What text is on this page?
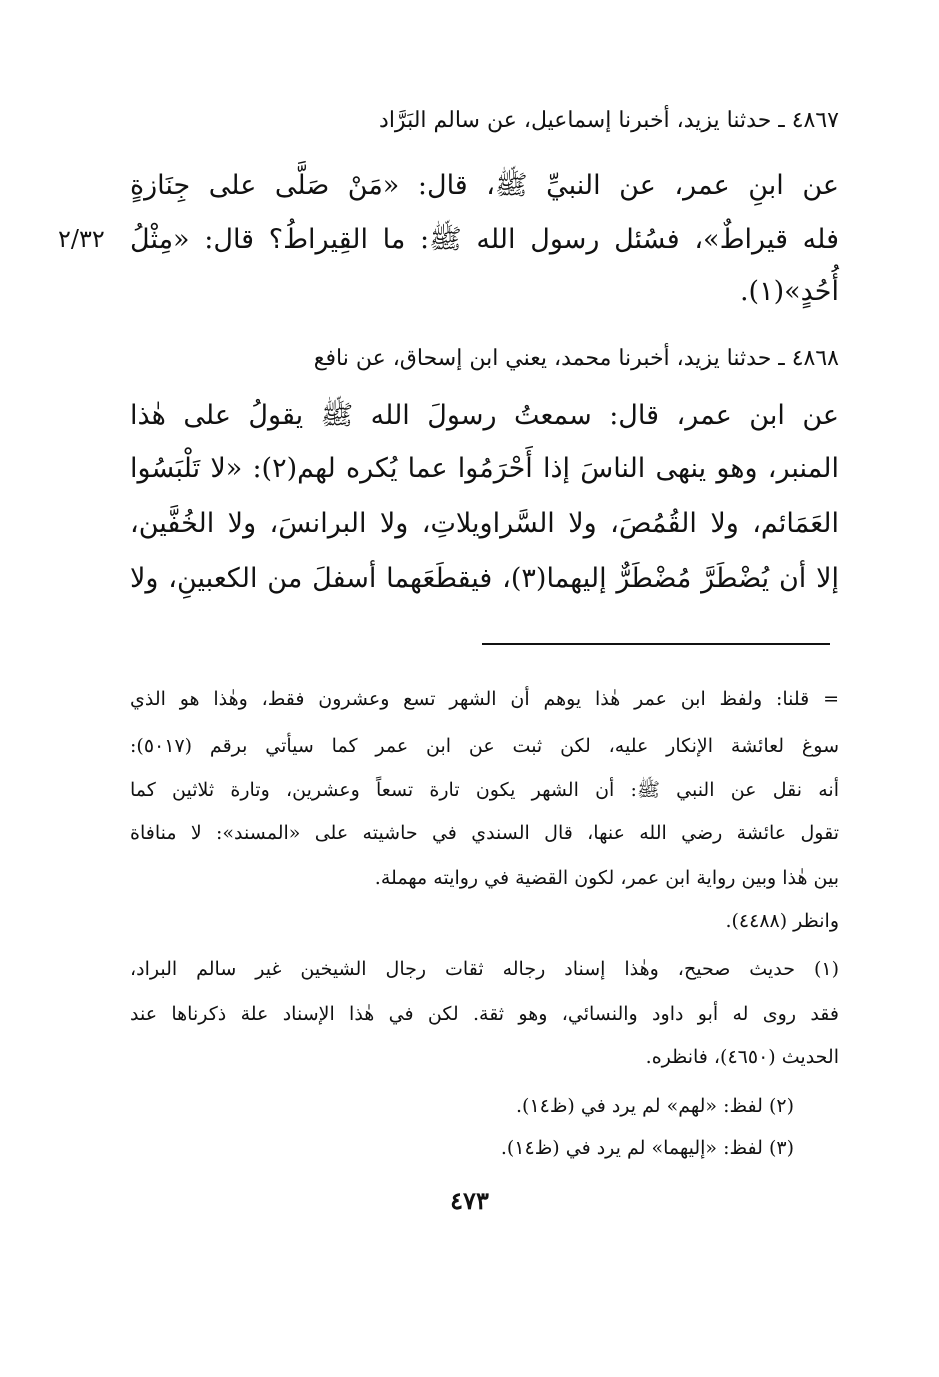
٤٨٦٧ ـ حدثنا يزيد، أخبرنا إسماعيل، عن سالم البَرَّاد
عن ابنِ عمر، عن النبيِّ ﷺ، قال: «مَنْ صَلَّى على جِنَازةٍ
فله قيراطٌ»، فسُئل رسول الله ﷺ: ما القِيراطُ؟ قال: «مِثْلُ
أُحُدٍ»(١).
٢/٣٢
٤٨٦٨ ـ حدثنا يزيد، أخبرنا محمد، يعني ابن إسحاق، عن نافع
عن ابن عمر، قال: سمعتُ رسولَ الله ﷺ يقولُ على هٰذا
المنبر، وهو ينهى الناسَ إذا أَحْرَمُوا عما يُكره لهم(٢): «لا تَلْبَسُوا
العَمَائم، ولا القُمُصَ، ولا السَّراويلاتِ، ولا البرانسَ، ولا الخُفَّين،
إلا أن يُضْطَرَّ مُضْطَرٌّ إليهما(٣)، فيقطَعَهما أسفلَ من الكعبينِ، ولا
= قلنا: ولفظ ابن عمر هٰذا يوهم أن الشهر تسع وعشرون فقط، وهٰذا هو الذي
سوغ لعائشة الإنكار عليه، لكن ثبت عن ابن عمر كما سيأتي برقم (٥٠١٧):
أنه نقل عن النبي ﷺ: أن الشهر يكون تارة تسعاً وعشرين، وتارة ثلاثين كما
تقول عائشة رضي الله عنها، قال السندي في حاشيته على «المسند»: لا منافاة
بين هٰذا وبين رواية ابن عمر، لكون القضية في روايته مهملة.
وانظر (٤٤٨٨).
(١) حديث صحيح، وهٰذا إسناد رجاله ثقات رجال الشيخين غير سالم البراد،
فقد روى له أبو داود والنسائي، وهو ثقة. لكن في هٰذا الإسناد علة ذكرناها عند
الحديث (٤٦٥٠)، فانظره.
(٢) لفظ: «لهم» لم يرد في (ظ١٤).
(٣) لفظ: «إليهما» لم يرد في (ظ١٤).
٤٧٣
